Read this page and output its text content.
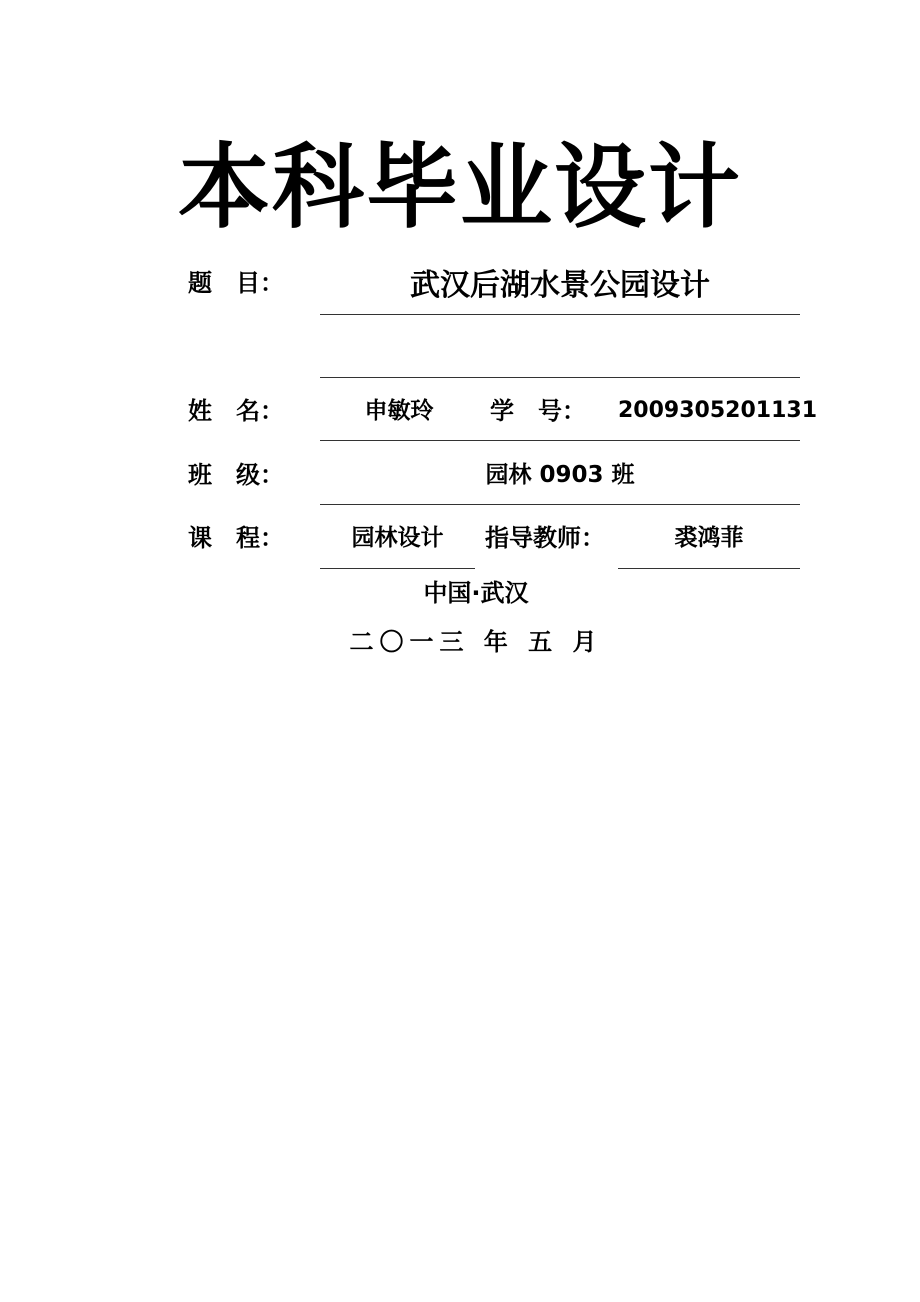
本科毕业设计
题　目：	武汉后湖水景公园设计
姓　名：	申敏玲	学　号： 2009305201131
班　级：	园林 0903 班
课　程：	园林设计	指导教师：	裘鸿菲
中国·武汉
二〇一三 年 五 月
